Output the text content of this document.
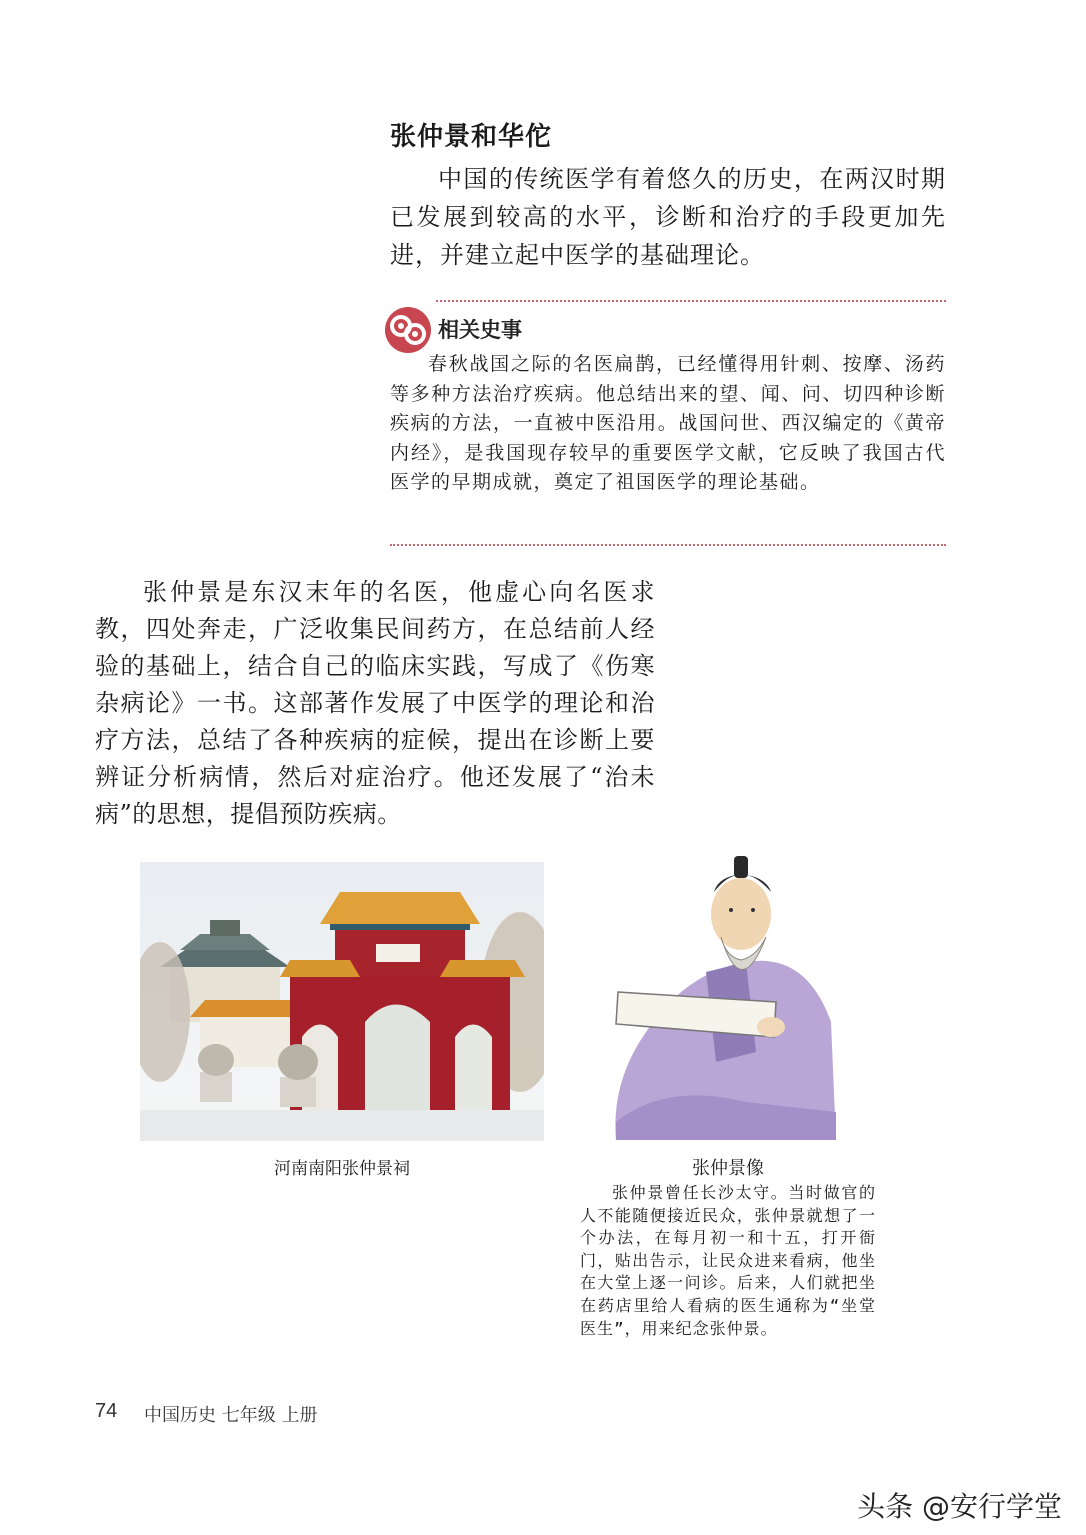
张仲景和华佗

中国的传统医学有着悠久的历史，在两汉时期已发展到较高的水平，诊断和治疗的手段更加先进，并建立起中医学的基础理论。

相关史事

春秋战国之际的名医扁鹊，已经懂得用针刺、按摩、汤药等多种方法治疗疾病。他总结出来的望、闻、问、切四种诊断疾病的方法，一直被中医沿用。战国问世、西汉编定的《黄帝内经》，是我国现存较早的重要医学文献，它反映了我国古代医学的早期成就，奠定了祖国医学的理论基础。

张仲景是东汉末年的名医，他虚心向名医求教，四处奔走，广泛收集民间药方，在总结前人经验的基础上，结合自己的临床实践，写成了《伤寒杂病论》一书。这部著作发展了中医学的理论和治疗方法，总结了各种疾病的症候，提出在诊断上要辨证分析病情，然后对症治疗。他还发展了“治未病”的思想，提倡预防疾病。

河南南阳张仲景祠	张仲景像

张仲景曾任长沙太守。当时做官的人不能随便接近民众，张仲景就想了一个办法，在每月初一和十五，打开衙门，贴出告示，让民众进来看病，他坐在大堂上逐一问诊。后来，人们就把坐在药店里给人看病的医生通称为“坐堂医生”，用来纪念张仲景。

74 中国历史 七年级 上册
头条 @安行学堂
